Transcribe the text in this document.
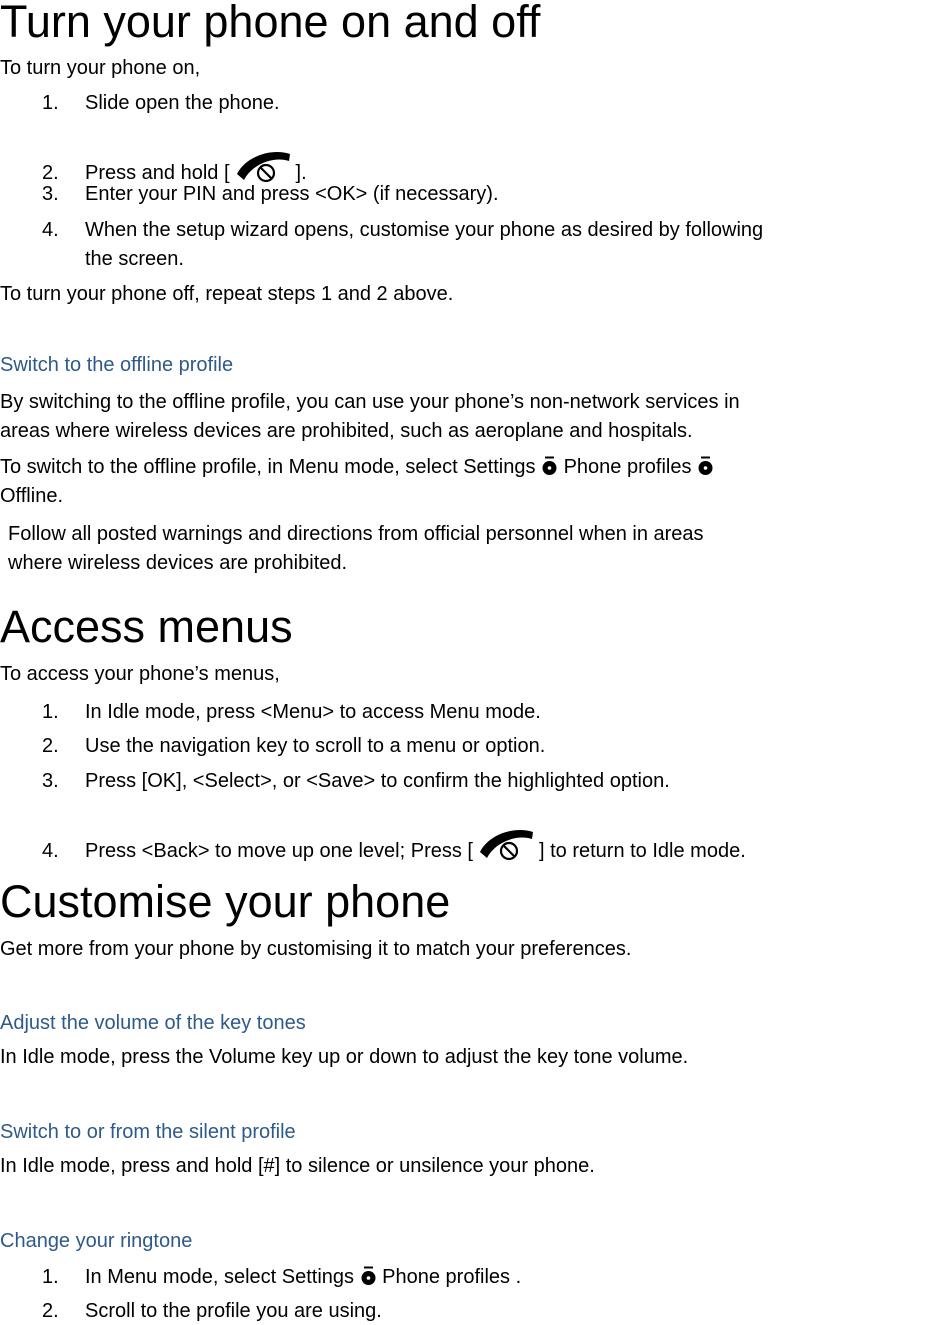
Turn your phone on and off
To turn your phone on,
1. Slide open the phone.
2. Press and hold [	].
3. Enter your PIN and press <OK> (if necessary).
4. When the setup wizard opens, customise your phone as desired by following
the screen.
To turn your phone off, repeat steps 1 and 2 above.
Switch to the offline profile
By switching to the offline profile, you can use your phone’s non-network services in
areas where wireless devices are prohibited, such as aeroplane and hospitals.
To switch to the offline profile, in Menu mode, select Settings Phone profiles
Offline.
Follow all posted warnings and directions from official personnel when in areas
where wireless devices are prohibited.
Access menus
To access your phone’s menus,
1. In Idle mode, press <Menu> to access Menu mode.
2. Use the navigation key to scroll to a menu or option.
3. Press [OK], <Select>, or <Save> to confirm the highlighted option.
4. Press <Back> to move up one level; Press [	] to return to Idle mode.
Customise your phone
Get more from your phone by customising it to match your preferences.
Adjust the volume of the key tones
In Idle mode, press the Volume key up or down to adjust the key tone volume.
Switch to or from the silent profile
In Idle mode, press and hold [#] to silence or unsilence your phone.
Change your ringtone
1. In Menu mode, select Settings Phone profiles .
2. Scroll to the profile you are using.
